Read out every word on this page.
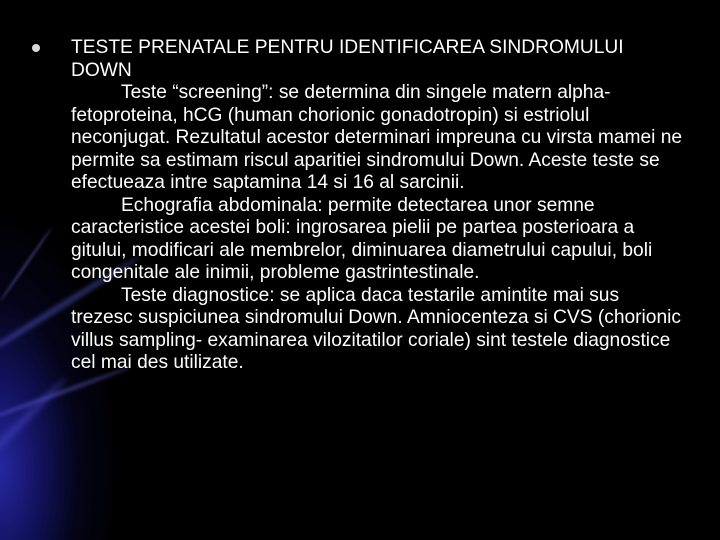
TESTE PRENATALE PENTRU IDENTIFICAREA SINDROMULUI DOWN

Teste “screening”: se determina din singele matern alpha-fetoproteina, hCG (human chorionic gonadotropin) si estriolul neconjugat. Rezultatul acestor determinari impreuna cu virsta mamei ne permite sa estimam riscul aparitiei sindromului Down. Aceste teste se efectueaza intre saptamina 14 si 16 al sarcinii.

Echografia abdominala: permite detectarea unor semne caracteristice acestei boli: ingrosarea pielii pe partea posterioara a gitului, modificari ale membrelor, diminuarea diametrului capului, boli congenitale ale inimii, probleme gastrintestinale.

Teste diagnostice: se aplica daca testarile amintite mai sus trezesc suspiciunea sindromului Down. Amniocenteza si CVS (chorionic villus sampling- examinarea vilozitatilor coriale) sint testele diagnostice cel mai des utilizate.
